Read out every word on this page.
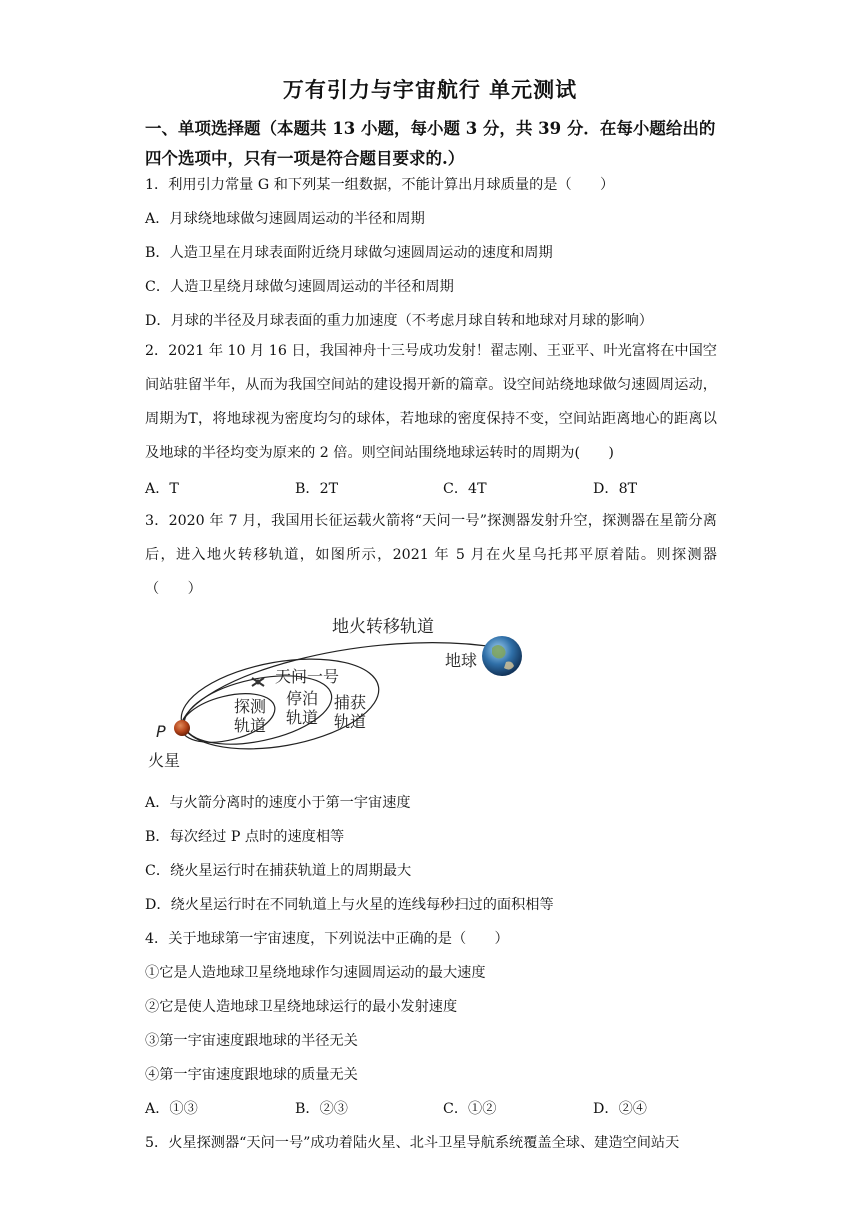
万有引力与宇宙航行 单元测试
一、单项选择题（本题共 13 小题，每小题 3 分，共 39 分．在每小题给出的四个选项中，只有一项是符合题目要求的.）
1．利用引力常量 G 和下列某一组数据，不能计算出月球质量的是（　　）
A．月球绕地球做匀速圆周运动的半径和周期
B．人造卫星在月球表面附近绕月球做匀速圆周运动的速度和周期
C．人造卫星绕月球做匀速圆周运动的半径和周期
D．月球的半径及月球表面的重力加速度（不考虑月球自转和地球对月球的影响）
2．2021 年 10 月 16 日，我国神舟十三号成功发射！翟志刚、王亚平、叶光富将在中国空间站驻留半年，从而为我国空间站的建设揭开新的篇章。设空间站绕地球做匀速圆周运动，周期为T，将地球视为密度均匀的球体，若地球的密度保持不变，空间站距离地心的距离以及地球的半径均变为原来的 2 倍。则空间站围绕地球运转时的周期为(　　)
A．T	B．2T	C．4T	D．8T
3．2020 年 7 月，我国用长征运载火箭将“天问一号”探测器发射升空，探测器在星箭分离后，进入地火转移轨道，如图所示，2021 年 5 月在火星乌托邦平原着陆。则探测器（　　）
地火转移轨道
地球
天问一号
停泊
轨道
捕获
轨道
探测
轨道
P
火星
A．与火箭分离时的速度小于第一宇宙速度
B．每次经过 P 点时的速度相等
C．绕火星运行时在捕获轨道上的周期最大
D．绕火星运行时在不同轨道上与火星的连线每秒扫过的面积相等
4．关于地球第一宇宙速度，下列说法中正确的是（　　）
①它是人造地球卫星绕地球作匀速圆周运动的最大速度
②它是使人造地球卫星绕地球运行的最小发射速度
③第一宇宙速度跟地球的半径无关
④第一宇宙速度跟地球的质量无关
A．①③	B．②③	C．①②	D．②④
5．火星探测器“天问一号”成功着陆火星、北斗卫星导航系统覆盖全球、建造空间站天
